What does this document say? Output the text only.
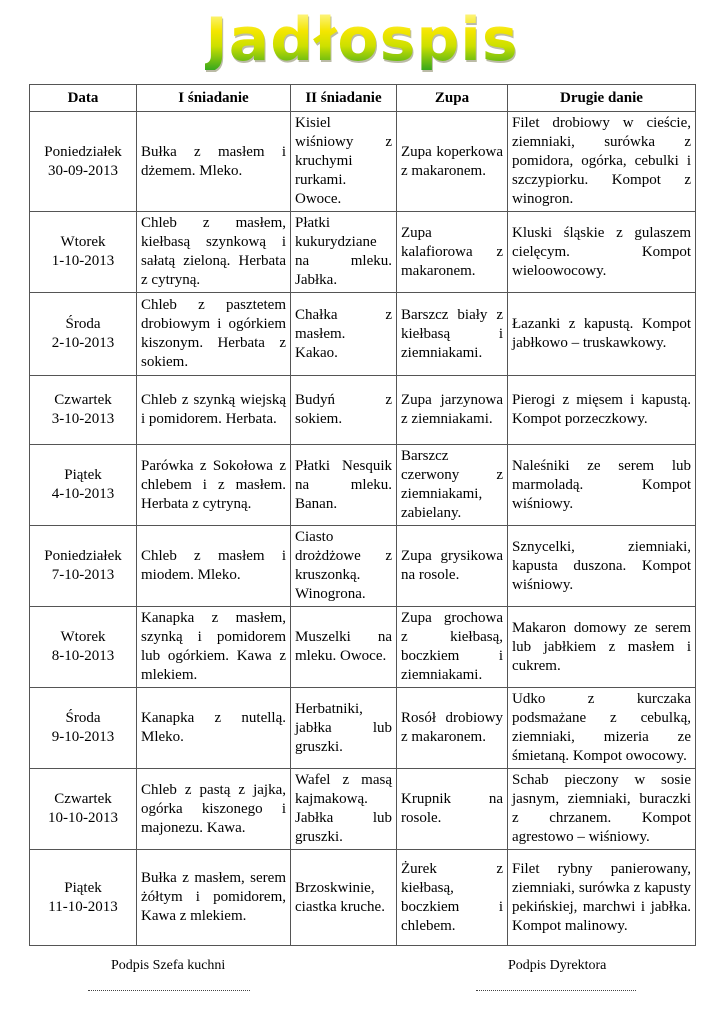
Jadłospis
Data	I śniadanie	II śniadanie	Zupa	Drugie danie

Poniedziałek
30-09-2013	Bułka z masłem i dżemem. Mleko.	Kisiel wiśniowy z kruchymi rurkami. Owoce.	Zupa koperkowa z makaronem.	Filet drobiowy w cieście, ziemniaki, surówka z pomidora, ogórka, cebulki i szczypiorku. Kompot z winogron.

Wtorek
1-10-2013	Chleb z masłem, kiełbasą szynkową i sałatą zieloną. Herbata z cytryną.	Płatki kukurydziane na mleku. Jabłka.	Zupa kalafiorowa z makaronem.	Kluski śląskie z gulaszem cielęcym. Kompot wieloowocowy.

Środa
2-10-2013	Chleb z pasztetem drobiowym i ogórkiem kiszonym. Herbata z sokiem.	Chałka z masłem. Kakao.	Barszcz biały z kiełbasą i ziemniakami.	Łazanki z kapustą. Kompot jabłkowo – truskawkowy.

Czwartek
3-10-2013	Chleb z szynką wiejską i pomidorem. Herbata.	Budyń z sokiem.	Zupa jarzynowa z ziemniakami.	Pierogi z mięsem i kapustą. Kompot porzeczkowy.

Piątek
4-10-2013	Parówka z Sokołowa z chlebem i z masłem. Herbata z cytryną.	Płatki Nesquik na mleku. Banan.	Barszcz czerwony z ziemniakami, zabielany.	Naleśniki ze serem lub marmoladą. Kompot wiśniowy.

Poniedziałek
7-10-2013	Chleb z masłem i miodem. Mleko.	Ciasto drożdżowe z kruszonką. Winogrona.	Zupa grysikowa na rosole.	Sznycelki, ziemniaki, kapusta duszona. Kompot wiśniowy.

Wtorek
8-10-2013	Kanapka z masłem, szynką i pomidorem lub ogórkiem. Kawa z mlekiem.	Muszelki na mleku. Owoce.	Zupa grochowa z kiełbasą, boczkiem i ziemniakami.	Makaron domowy ze serem lub jabłkiem z masłem i cukrem.

Środa
9-10-2013	Kanapka z nutellą. Mleko.	Herbatniki, jabłka lub gruszki.	Rosół drobiowy z makaronem.	Udko z kurczaka podsmażane z cebulką, ziemniaki, mizeria ze śmietaną. Kompot owocowy.

Czwartek
10-10-2013	Chleb z pastą z jajka, ogórka kiszonego i majonezu. Kawa.	Wafel z masą kajmakową. Jabłka lub gruszki.	Krupnik na rosole.	Schab pieczony w sosie jasnym, ziemniaki, buraczki z chrzanem. Kompot agrestowo – wiśniowy.

Piątek
11-10-2013	Bułka z masłem, serem żółtym i pomidorem, Kawa z mlekiem.	Brzoskwinie, ciastka kruche.	Żurek z kiełbasą, boczkiem i chlebem.	Filet rybny panierowany, ziemniaki, surówka z kapusty pekińskiej, marchwi i jabłka. Kompot malinowy.
Podpis Szefa kuchni	Podpis Dyrektora
